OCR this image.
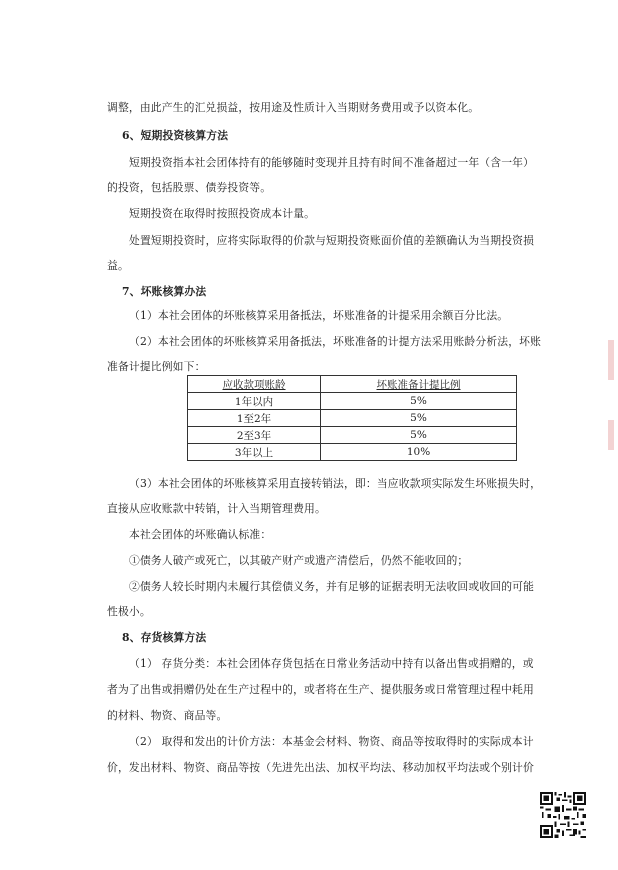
调整，由此产生的汇兑损益，按用途及性质计入当期财务费用或予以资本化。
6、短期投资核算方法
短期投资指本社会团体持有的能够随时变现并且持有时间不准备超过一年（含一年）
的投资，包括股票、债券投资等。
短期投资在取得时按照投资成本计量。
处置短期投资时，应将实际取得的价款与短期投资账面价值的差额确认为当期投资损
益。
7、坏账核算办法
（1）本社会团体的坏账核算采用备抵法，坏账准备的计提采用余额百分比法。
（2）本社会团体的坏账核算采用备抵法，坏账准备的计提方法采用账龄分析法，坏账
准备计提比例如下：
应收款项账龄	坏账准备计提比例
1年以内	5%
1至2年	5%
2至3年	5%
3年以上	10%
（3）本社会团体的坏账核算采用直接转销法，即：当应收款项实际发生坏账损失时，
直接从应收账款中转销，计入当期管理费用。
本社会团体的坏账确认标准：
①债务人破产或死亡，以其破产财产或遗产清偿后，仍然不能收回的；
②债务人较长时期内未履行其偿债义务，并有足够的证据表明无法收回或收回的可能
性极小。
8、存货核算方法
（1） 存货分类：本社会团体存货包括在日常业务活动中持有以备出售或捐赠的，或
者为了出售或捐赠仍处在生产过程中的，或者将在生产、提供服务或日常管理过程中耗用
的材料、物资、商品等。
（2） 取得和发出的计价方法：本基金会材料、物资、商品等按取得时的实际成本计
价，发出材料、物资、商品等按（先进先出法、加权平均法、移动加权平均法或个别计价
